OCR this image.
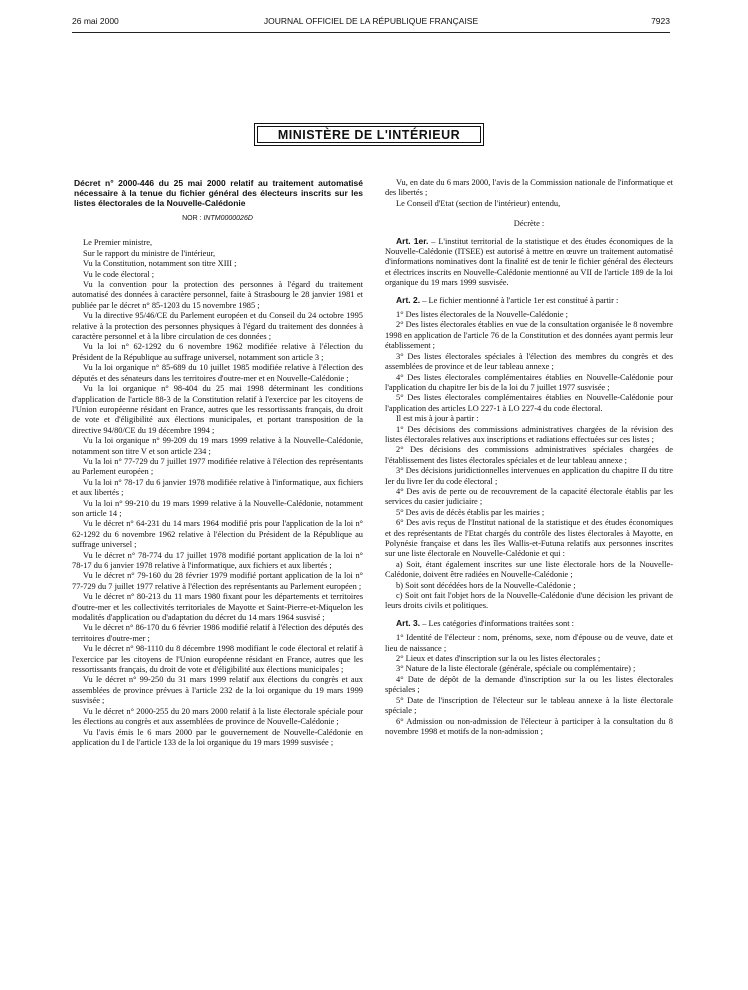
26 mai 2000	JOURNAL OFFICIEL DE LA RÉPUBLIQUE FRANÇAISE	7923
MINISTÈRE DE L'INTÉRIEUR

Décret n° 2000-446 du 25 mai 2000 relatif au traitement automatisé nécessaire à la tenue du fichier général des électeurs inscrits sur les listes électorales de la Nouvelle-Calédonie

NOR : INTM0000026D

Le Premier ministre,

Sur le rapport du ministre de l'intérieur,

Vu la Constitution, notamment son titre XIII ;

Vu le code électoral ;

Vu la convention pour la protection des personnes à l'égard du traitement automatisé des données à caractère personnel, faite à Strasbourg le 28 janvier 1981 et publiée par le décret n° 85-1203 du 15 novembre 1985 ;

Vu la directive 95/46/CE du Parlement européen et du Conseil du 24 octobre 1995 relative à la protection des personnes physiques à l'égard du traitement des données à caractère personnel et à la libre circulation de ces données ;

Vu la loi n° 62-1292 du 6 novembre 1962 modifiée relative à l'élection du Président de la République au suffrage universel, notamment son article 3 ;

Vu la loi organique n° 85-689 du 10 juillet 1985 modifiée relative à l'élection des députés et des sénateurs dans les territoires d'outre-mer et en Nouvelle-Calédonie ;

Vu la loi organique n° 98-404 du 25 mai 1998 déterminant les conditions d'application de l'article 88-3 de la Constitution relatif à l'exercice par les citoyens de l'Union européenne résidant en France, autres que les ressortissants français, du droit de vote et d'éligibilité aux élections municipales, et portant transposition de la directive 94/80/CE du 19 décembre 1994 ;

Vu la loi organique n° 99-209 du 19 mars 1999 relative à la Nouvelle-Calédonie, notamment son titre V et son article 234 ;

Vu la loi n° 77-729 du 7 juillet 1977 modifiée relative à l'élection des représentants au Parlement européen ;

Vu la loi n° 78-17 du 6 janvier 1978 modifiée relative à l'informatique, aux fichiers et aux libertés ;

Vu la loi n° 99-210 du 19 mars 1999 relative à la Nouvelle-Calédonie, notamment son article 14 ;

Vu le décret n° 64-231 du 14 mars 1964 modifié pris pour l'application de la loi n° 62-1292 du 6 novembre 1962 relative à l'élection du Président de la République au suffrage universel ;

Vu le décret n° 78-774 du 17 juillet 1978 modifié portant application de la loi n° 78-17 du 6 janvier 1978 relative à l'informatique, aux fichiers et aux libertés ;

Vu le décret n° 79-160 du 28 février 1979 modifié portant application de la loi n° 77-729 du 7 juillet 1977 relative à l'élection des représentants au Parlement européen ;

Vu le décret n° 80-213 du 11 mars 1980 fixant pour les départements et territoires d'outre-mer et les collectivités territoriales de Mayotte et Saint-Pierre-et-Miquelon les modalités d'application ou d'adaptation du décret du 14 mars 1964 susvisé ;

Vu le décret n° 86-170 du 6 février 1986 modifié relatif à l'élection des députés des territoires d'outre-mer ;

Vu le décret n° 98-1110 du 8 décembre 1998 modifiant le code électoral et relatif à l'exercice par les citoyens de l'Union européenne résidant en France, autres que les ressortissants français, du droit de vote et d'éligibilité aux élections municipales ;

Vu le décret n° 99-250 du 31 mars 1999 relatif aux élections du congrès et aux assemblées de province prévues à l'article 232 de la loi organique du 19 mars 1999 susvisée ;

Vu le décret n° 2000-255 du 20 mars 2000 relatif à la liste électorale spéciale pour les élections au congrès et aux assemblées de province de Nouvelle-Calédonie ;

Vu l'avis émis le 6 mars 2000 par le gouvernement de Nouvelle-Calédonie en application du I de l'article 133 de la loi organique du 19 mars 1999 susvisée ;

Vu, en date du 6 mars 2000, l'avis de la Commission nationale de l'informatique et des libertés ;

Le Conseil d'Etat (section de l'intérieur) entendu,

Décrète :

Art. 1er. – L'institut territorial de la statistique et des études économiques de la Nouvelle-Calédonie (ITSEE) est autorisé à mettre en œuvre un traitement automatisé d'informations nominatives dont la finalité est de tenir le fichier général des électeurs et électrices inscrits en Nouvelle-Calédonie mentionné au VII de l'article 189 de la loi organique du 19 mars 1999 susvisée.

Art. 2. – Le fichier mentionné à l'article 1er est constitué à partir :

1° Des listes électorales de la Nouvelle-Calédonie ;

2° Des listes électorales établies en vue de la consultation organisée le 8 novembre 1998 en application de l'article 76 de la Constitution et des données ayant permis leur établissement ;

3° Des listes électorales spéciales à l'élection des membres du congrès et des assemblées de province et de leur tableau annexe ;

4° Des listes électorales complémentaires établies en Nouvelle-Calédonie pour l'application du chapitre Ier bis de la loi du 7 juillet 1977 susvisée ;

5° Des listes électorales complémentaires établies en Nouvelle-Calédonie pour l'application des articles LO 227-1 à LO 227-4 du code électoral.

Il est mis à jour à partir :

1° Des décisions des commissions administratives chargées de la révision des listes électorales relatives aux inscriptions et radiations effectuées sur ces listes ;

2° Des décisions des commissions administratives spéciales chargées de l'établissement des listes électorales spéciales et de leur tableau annexe ;

3° Des décisions juridictionnelles intervenues en application du chapitre II du titre Ier du livre Ier du code électoral ;

4° Des avis de perte ou de recouvrement de la capacité électorale établis par les services du casier judiciaire ;

5° Des avis de décès établis par les mairies ;

6° Des avis reçus de l'Institut national de la statistique et des études économiques et des représentants de l'Etat chargés du contrôle des listes électorales à Mayotte, en Polynésie française et dans les îles Wallis-et-Futuna relatifs aux personnes inscrites sur une liste électorale en Nouvelle-Calédonie et qui :

a) Soit, étant également inscrites sur une liste électorale hors de la Nouvelle-Calédonie, doivent être radiées en Nouvelle-Calédonie ;

b) Soit sont décédées hors de la Nouvelle-Calédonie ;

c) Soit ont fait l'objet hors de la Nouvelle-Calédonie d'une décision les privant de leurs droits civils et politiques.

Art. 3. – Les catégories d'informations traitées sont :

1° Identité de l'électeur : nom, prénoms, sexe, nom d'épouse ou de veuve, date et lieu de naissance ;

2° Lieux et dates d'inscription sur la ou les listes électorales ;

3° Nature de la liste électorale (générale, spéciale ou complémentaire) ;

4° Date de dépôt de la demande d'inscription sur la ou les listes électorales spéciales ;

5° Date de l'inscription de l'électeur sur le tableau annexe à la liste électorale spéciale ;

6° Admission ou non-admission de l'électeur à participer à la consultation du 8 novembre 1998 et motifs de la non-admission ;
